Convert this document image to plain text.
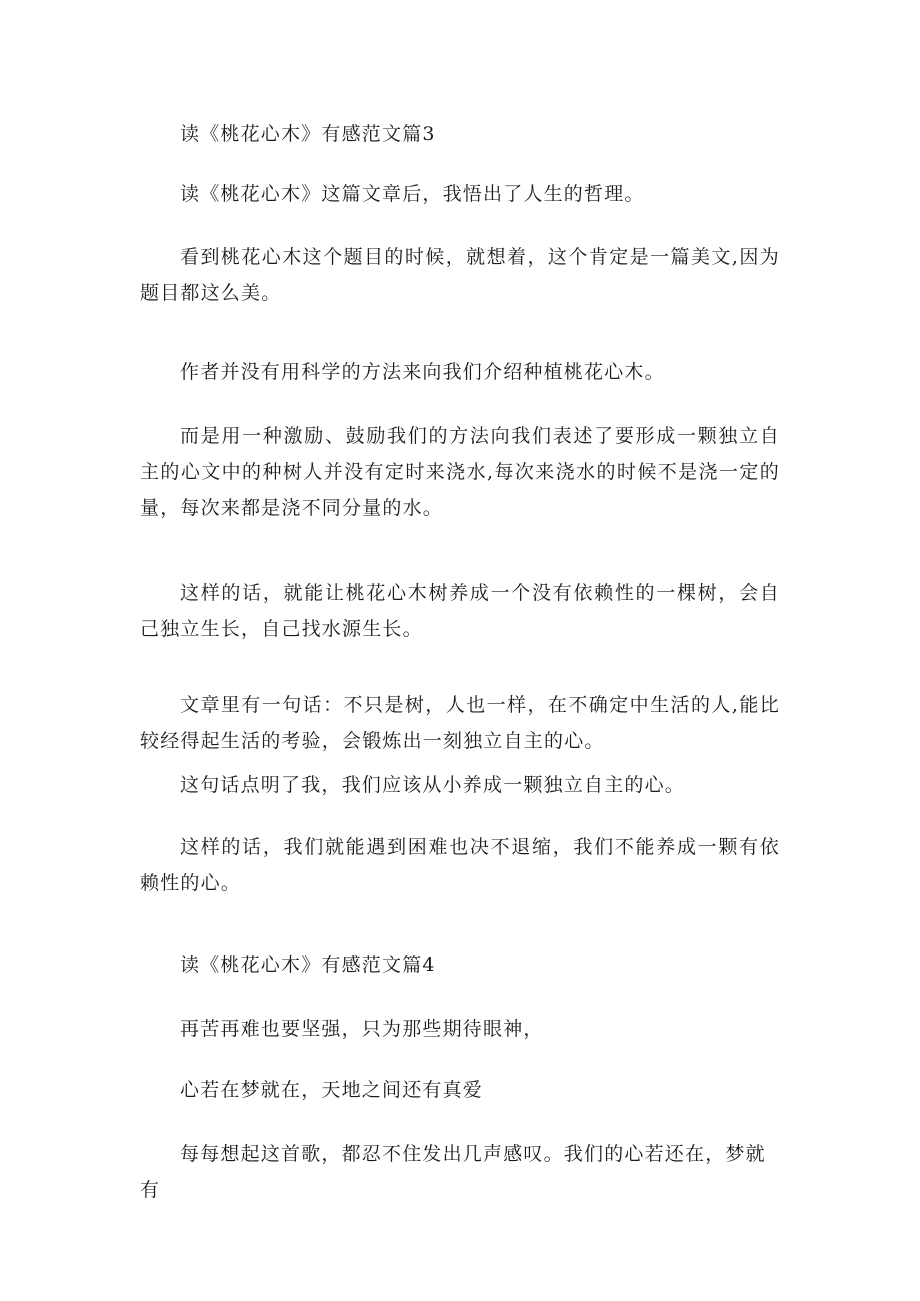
读《桃花心木》有感范文篇3

读《桃花心木》这篇文章后，我悟出了人生的哲理。

看到桃花心木这个题目的时候，就想着，这个肯定是一篇美文,因为题目都这么美。

作者并没有用科学的方法来向我们介绍种植桃花心木。

而是用一种激励、鼓励我们的方法向我们表述了要形成一颗独立自主的心文中的种树人并没有定时来浇水,每次来浇水的时候不是浇一定的量，每次来都是浇不同分量的水。

这样的话，就能让桃花心木树养成一个没有依赖性的一棵树，会自己独立生长，自己找水源生长。

文章里有一句话：不只是树，人也一样，在不确定中生活的人,能比较经得起生活的考验，会锻炼出一刻独立自主的心。

这句话点明了我，我们应该从小养成一颗独立自主的心。

这样的话，我们就能遇到困难也决不退缩，我们不能养成一颗有依赖性的心。

读《桃花心木》有感范文篇4

再苦再难也要坚强，只为那些期待眼神，

心若在梦就在，天地之间还有真爱

每每想起这首歌，都忍不住发出几声感叹。我们的心若还在，梦就有
